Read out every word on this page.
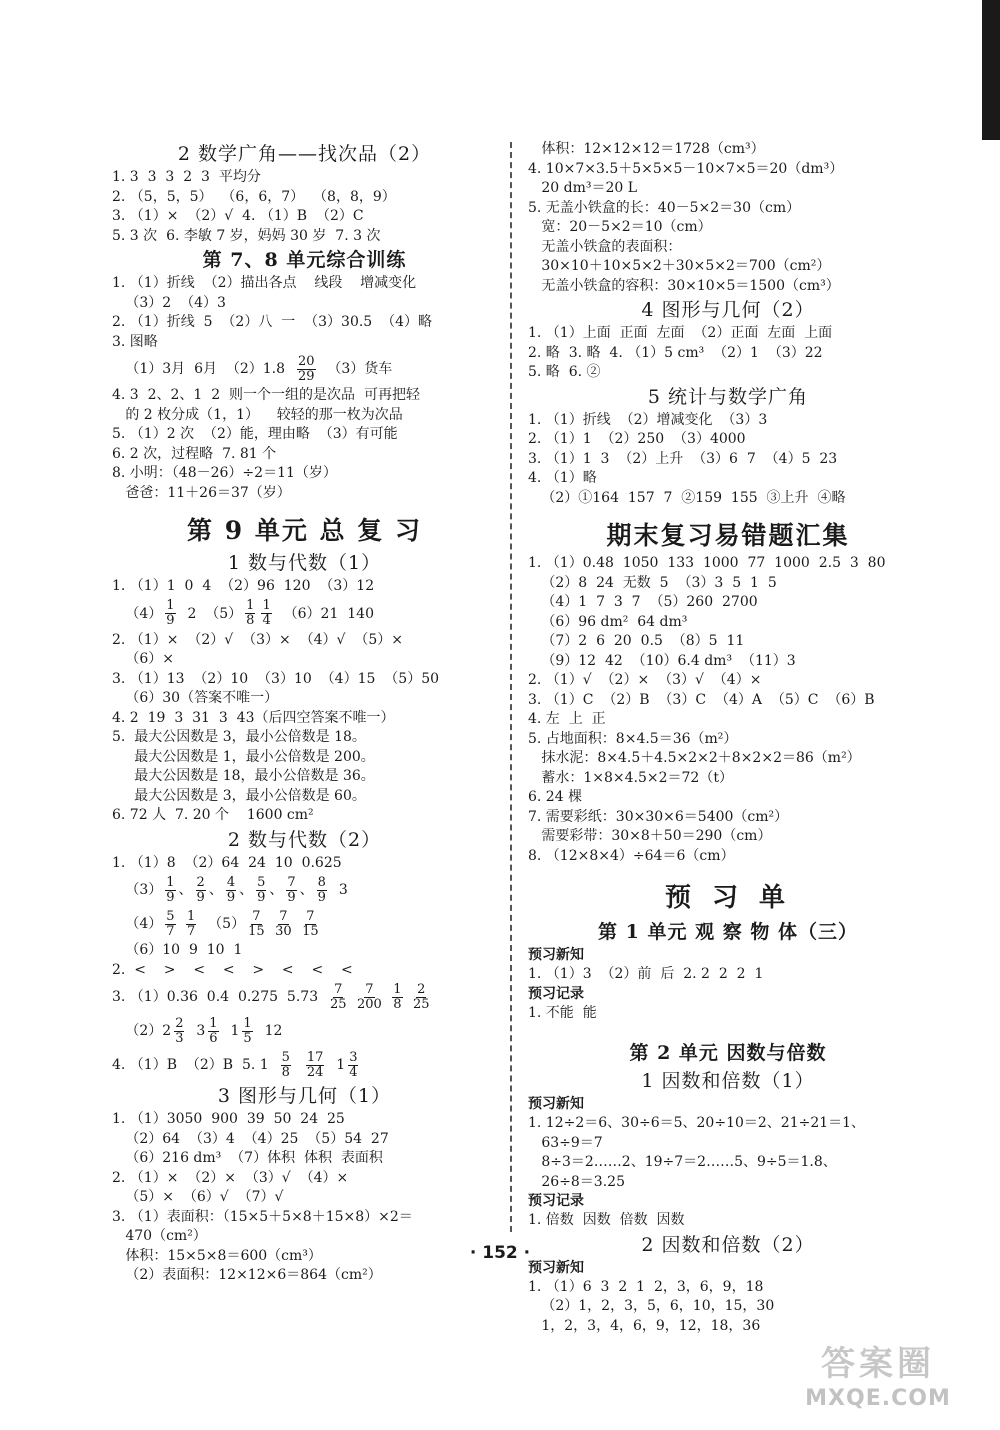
2 数学广角——找次品（2）
1. 3  3  3  2  3  平均分
2. （5，5，5）  （6，6，7）  （8，8，9）
3. （1）×  （2）√  4. （1）B  （2）C
5. 3 次  6. 李敏 7 岁，妈妈 30 岁  7. 3 次
第 7、8 单元综合训练
1. （1）折线  （2）描出各点    线段    增减变化
（3）2  （4）3
2. （1）折线  5  （2）八  一  （3）30.5  （4）略
3. 图略
（1）3月  6月  $(2)1.8 \frac{20}{29} (3)$货车
4. 3  2、2、1  2  则一个一组的是次品  可再把轻
的 2 枚分成（1，1）    较轻的那一枚为次品
5. （1）2 次  （2）能，理由略  （3）有可能
6. 2 次，过程略  7. 81 个
8. 小明：（48－26）÷2＝11（岁）
爸爸：11＋26＝37（岁）
第 9 单元 总 复 习
1 数与代数（1）
1. （1）1  0  4  （2）96  120  （3）12
$(4) \frac{1}{9} 2$  $(5) \frac{1}{8} \frac{1}{4} (6)21$  140
2. （1）×  （2）√  （3）×  （4）√  （5）×
（6）×
3. （1）13  （2）10  （3）10  （4）15  （5）50
（6）30（答案不唯一）
4. 2  19  3  31  3  43（后四空答案不唯一）
5.  最大公因数是 3，最小公倍数是 18。
最大公因数是 1，最小公倍数是 200。
最大公因数是 18，最小公倍数是 36。
最大公因数是 3，最小公倍数是 60。
6. 72 人  7. 20 个    1600 cm²
2 数与代数（2）
1. （1）8  （2）64  24  10  0.625
$(3) \frac{1}{9}$ 、 $\frac{2}{9}$ 、 $\frac{4}{9}$ 、 $\frac{5}{9}$ 、 $\frac{7}{9}$ 、 $\frac{8}{9} 3$
$(4) \frac{5}{7}$
$\frac{1}{7} (5) \frac{7}{15}$
$\frac{7}{30}$
$\frac{7}{15}$
（6）10  9  10  1
2.  <    >    <    <    >    <    <    <
3. （1）0.36  0.4  0.275  $5.73 \frac{7}{25}$
$\frac{7}{200}$
$\frac{1}{8}$
$\frac{2}{25}$
$(2)2 \frac{2}{3} 3 \frac{1}{6} 1 \frac{1}{5} 12$
4. （1）B  （2）B  5. $1 \frac{5}{8}$
$\frac{17}{24} 1 \frac{3}{4}$
3 图形与几何（1）
1. （1）3050  900  39  50  24  25
（2）64  （3）4  （4）25  （5）54  27
（6）216 dm³  （7）体积  体积  表面积
2. （1）×  （2）×  （3）√  （4）×
（5）×  （6）√  （7）√
3. （1）表面积：（15×5＋5×8＋15×8）×2＝
470（cm²）
体积：15×5×8＝600（cm³）
（2）表面积：12×12×6＝864（cm²）
体积：12×12×12＝1728（cm³）
4. 10×7×3.5＋5×5×5－10×7×5＝20（dm³）
20 dm³＝20 L
5. 无盖小铁盒的长：40－5×2＝30（cm）
宽：20－5×2＝10（cm）
无盖小铁盒的表面积：
30×10＋10×5×2＋30×5×2＝700（cm²）
无盖小铁盒的容积：30×10×5＝1500（cm³）
4 图形与几何（2）
1. （1）上面  正面  左面  （2）正面  左面  上面
2. 略  3. 略  4. （1）5 cm³  （2）1  （3）22
5. 略  6. ②
5 统计与数学广角
1. （1）折线  （2）增减变化  （3）3
2. （1）1  （2）250  （3）4000
3. （1）1  3  （2）上升  （3）6  7  （4）5  23
4. （1）略
（2）①164  157  7  ②159  155  ③上升  ④略
期末复习易错题汇集
1. （1）0.48  1050  133  1000  77  1000  2.5  3  80
（2）8  24  无数  5  （3）3  5  1  5
（4）1  7  3  7  （5）260  2700
（6）96 dm²  64 dm³
（7）2  6  20  0.5  （8）5  11
（9）12  42  （10）6.4 dm³  （11）3
2. （1）√  （2）×  （3）√  （4）×
3. （1）C  （2）B  （3）C  （4）A  （5）C  （6）B
4. 左  上  正
5. 占地面积：8×4.5＝36（m²）
抹水泥：8×4.5＋4.5×2×2＋8×2×2＝86（m²）
蓄水：1×8×4.5×2＝72（t）
6. 24 棵
7. 需要彩纸：30×30×6＝5400（cm²）
需要彩带：30×8＋50＝290（cm）
8. （12×8×4）÷64＝6（cm）
预 习 单
第 1 单元 观 察 物 体（三）
预习新知
1. （1）3  （2）前  后  2. 2  2  2  1
预习记录
1. 不能  能
第 2 单元 因数与倍数
1 因数和倍数（1）
预习新知
1. 12÷2＝6、30÷6＝5、20÷10＝2、21÷21＝1、
63÷9＝7
8÷3＝2……2、19÷7＝2……5、9÷5＝1.8、
26÷8＝3.25
预习记录
1. 倍数  因数  倍数  因数
2 因数和倍数（2）
预习新知
1. （1）6  3  2  1  2，3，6，9，18
（2）1，2，3，5，6，10，15，30
1，2，3，4，6，9，12，18，36
· 152 ·
答案圈
MXQE.COM
